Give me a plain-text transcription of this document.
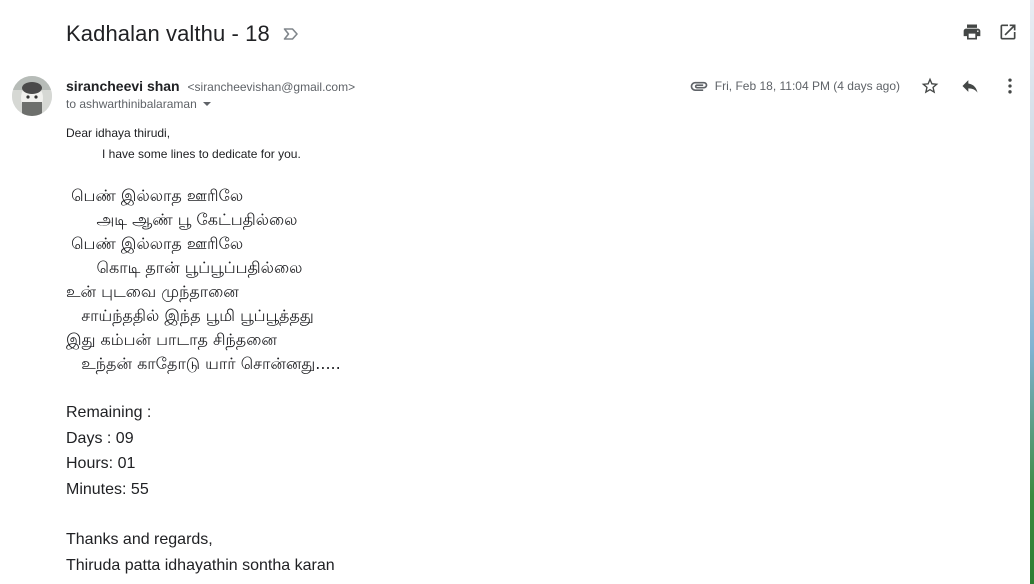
Kadhalan valthu - 18
sirancheevi shan <sirancheevishan@gmail.com>
to ashwarthinibalaraman
Fri, Feb 18, 11:04 PM (4 days ago)
Dear idhaya thirudi,
I have some lines to dedicate for you.
பெண் இல்லாத ஊரிலே
அடி ஆண் பூ கேட்பதில்லை
பெண் இல்லாத ஊரிலே
கொடி தான் பூப்பூப்பதில்லை
உன் புடவை முந்தானை
சாய்ந்ததில் இந்த பூமி பூப்பூத்தது
இது கம்பன் பாடாத சிந்தனை
உந்தன் காதோடு யார் சொன்னது.....
Remaining :
Days : 09
Hours: 01
Minutes: 55
Thanks and regards,
Thiruda patta idhayathin sontha karan
